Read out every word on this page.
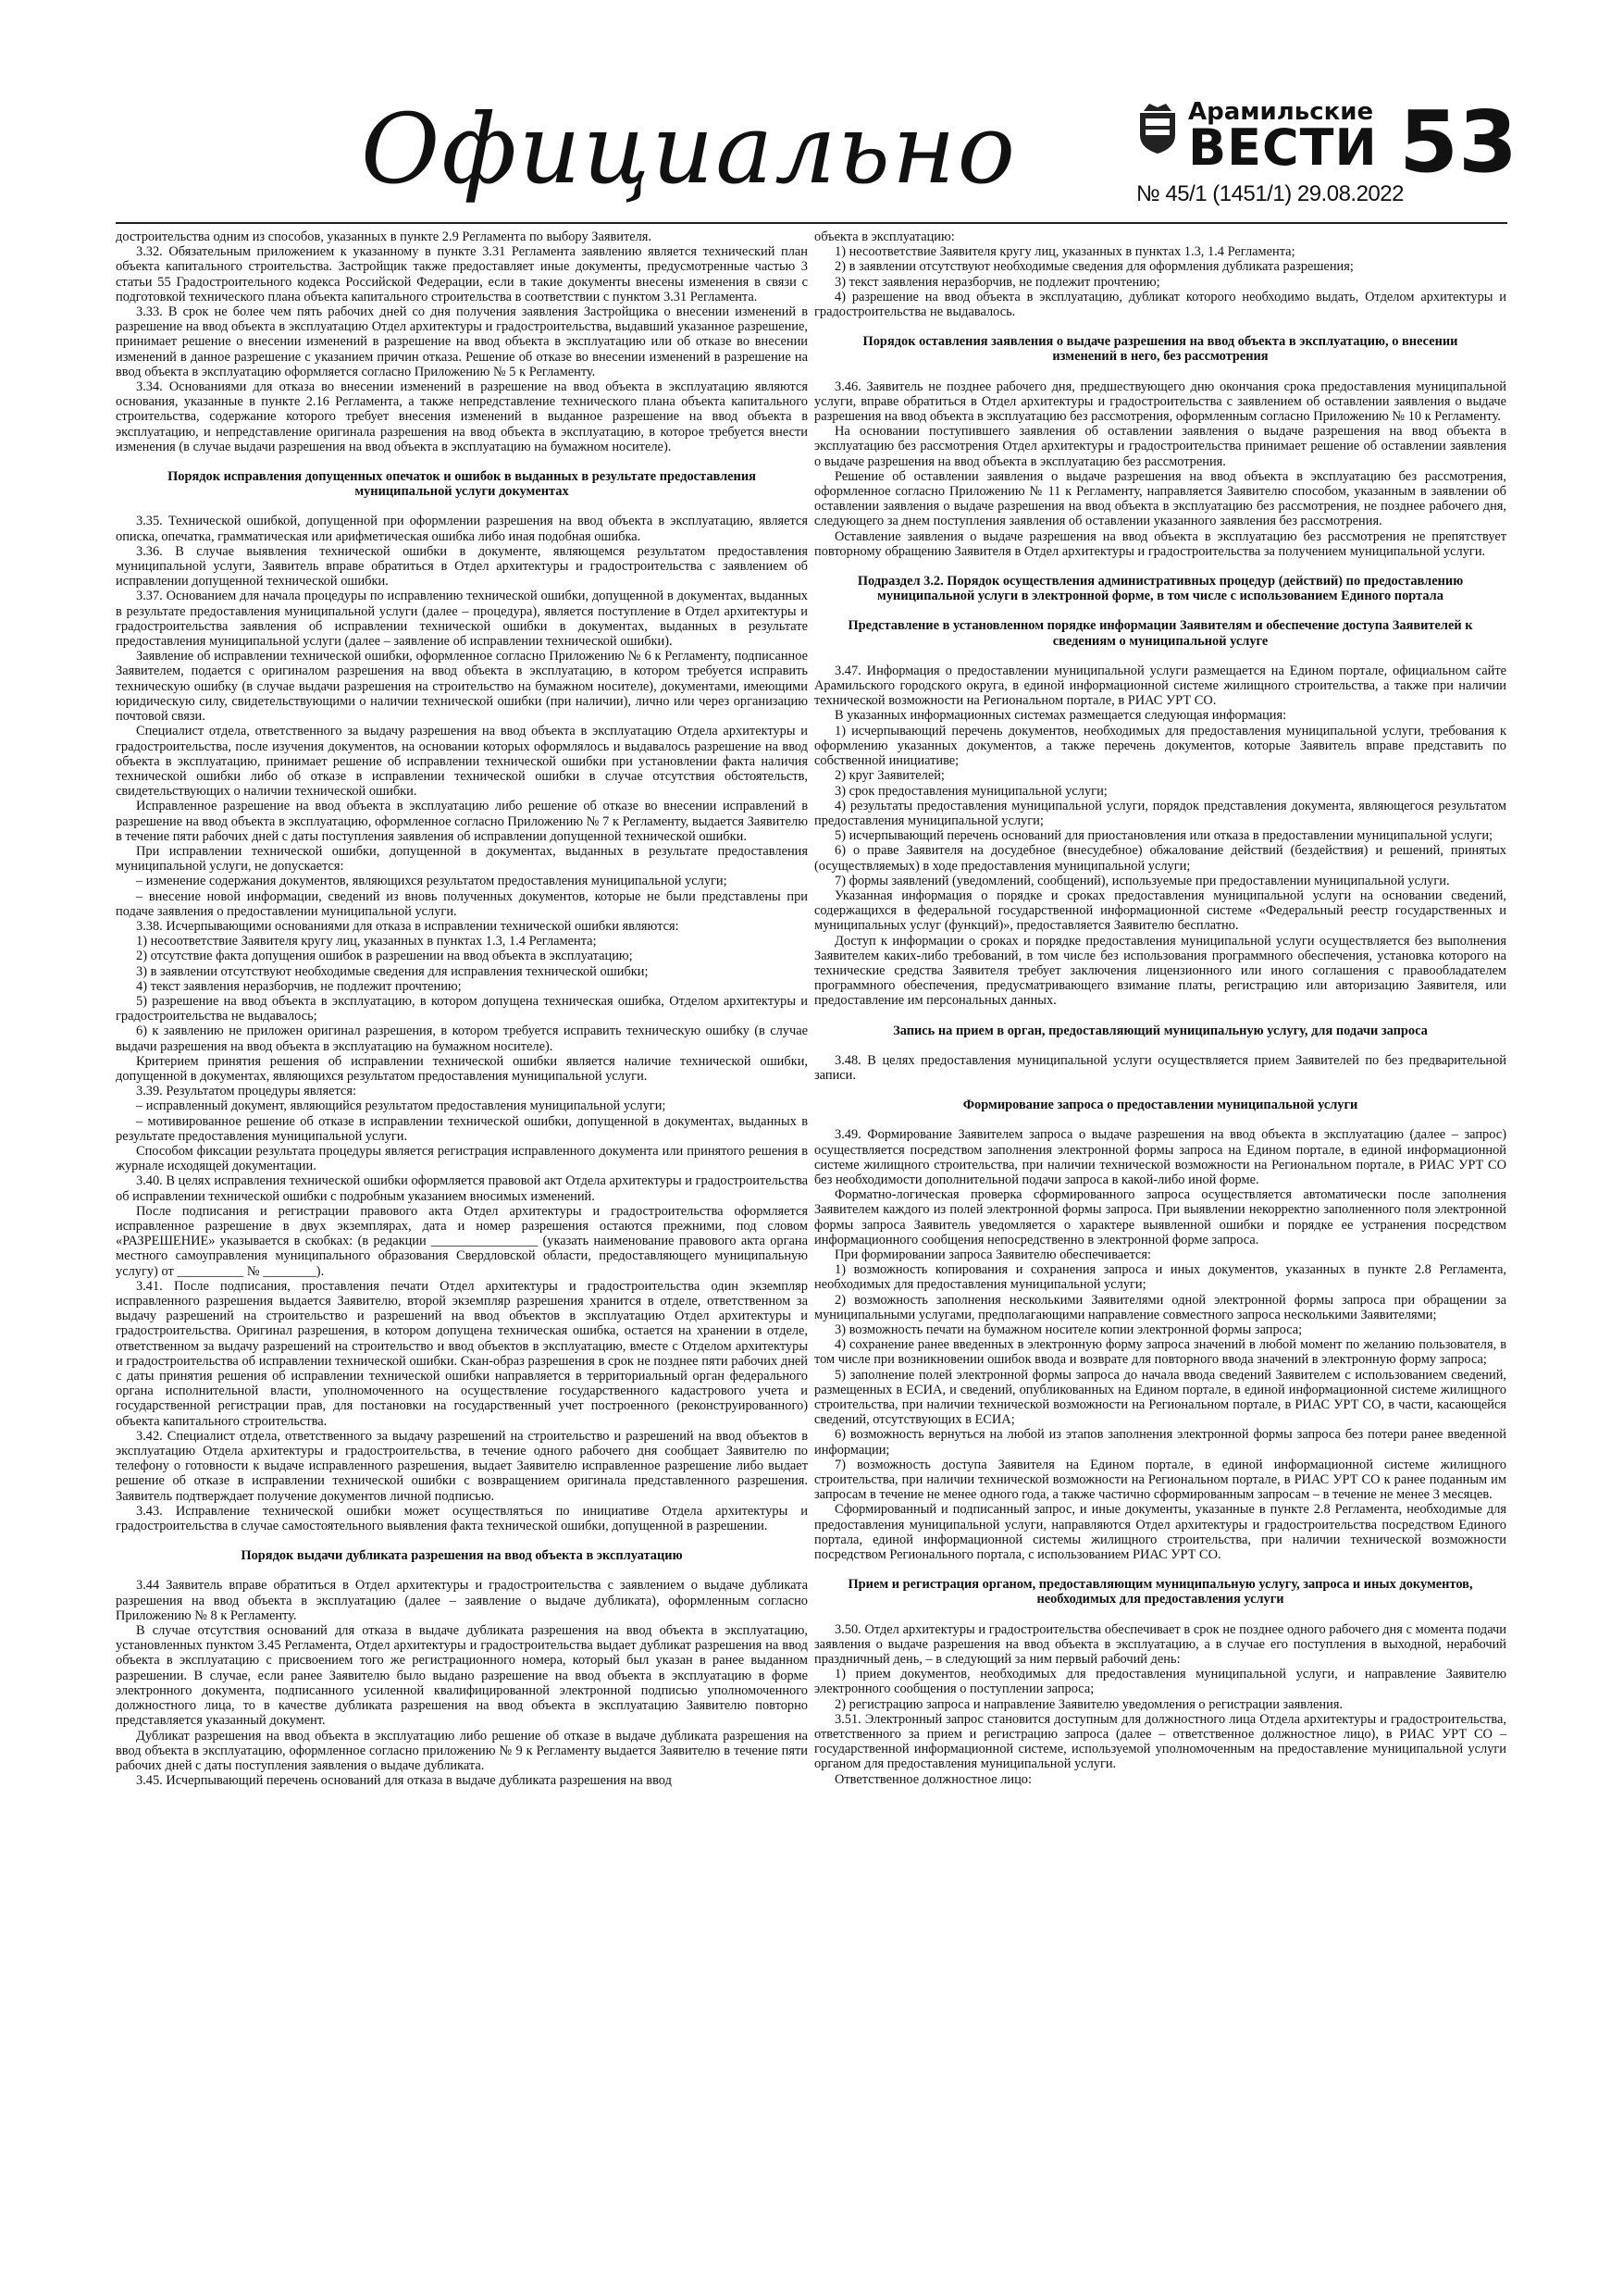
Официально	Арамильские
ВЕСТИ
№ 45/1 (1451/1) 29.08.2022
53

достроительства одним из способов, указанных в пункте 2.9 Регламента по выбору Заявителя.

3.32. Обязательным приложением к указанному в пункте 3.31 Регламента заявлению является технический план объекта капитального строительства. Застройщик также предоставляет иные документы, предусмотренные частью 3 статьи 55 Градостроительного кодекса Российской Федерации, если в такие документы внесены изменения в связи с подготовкой технического плана объекта капитального строительства в соответствии с пунктом 3.31 Регламента.

3.33. В срок не более чем пять рабочих дней со дня получения заявления Застройщика о внесении изменений в разрешение на ввод объекта в эксплуатацию Отдел архитектуры и градостроительства, выдавший указанное разрешение, принимает решение о внесении изменений в разрешение на ввод объекта в эксплуатацию или об отказе во внесении изменений в данное разрешение с указанием причин отказа. Решение об отказе во внесении изменений в разрешение на ввод объекта в эксплуатацию оформляется согласно Приложению № 5 к Регламенту.

3.34. Основаниями для отказа во внесении изменений в разрешение на ввод объекта в эксплуатацию являются основания, указанные в пункте 2.16 Регламента, а также непредставление технического плана объекта капитального строительства, содержание которого требует внесения изменений в выданное разрешение на ввод объекта в эксплуатацию, и непредставление оригинала разрешения на ввод объекта в эксплуатацию, в которое требуется внести изменения (в случае выдачи разрешения на ввод объекта в эксплуатацию на бумажном носителе).

Порядок исправления допущенных опечаток и ошибок в выданных в результате предоставления муниципальной услуги документах

3.35. Технической ошибкой, допущенной при оформлении разрешения на ввод объекта в эксплуатацию, является описка, опечатка, грамматическая или арифметическая ошибка либо иная подобная ошибка.

3.36. В случае выявления технической ошибки в документе, являющемся результатом предоставления муниципальной услуги, Заявитель вправе обратиться в Отдел архитектуры и градостроительства с заявлением об исправлении допущенной технической ошибки.

3.37. Основанием для начала процедуры по исправлению технической ошибки, допущенной в документах, выданных в результате предоставления муниципальной услуги (далее – процедура), является поступление в Отдел архитектуры и градостроительства заявления об исправлении технической ошибки в документах, выданных в результате предоставления муниципальной услуги (далее – заявление об исправлении технической ошибки).

Заявление об исправлении технической ошибки, оформленное согласно Приложению № 6 к Регламенту, подписанное Заявителем, подается с оригиналом разрешения на ввод объекта в эксплуатацию, в котором требуется исправить техническую ошибку (в случае выдачи разрешения на строительство на бумажном носителе), документами, имеющими юридическую силу, свидетельствующими о наличии технической ошибки (при наличии), лично или через организацию почтовой связи.

Специалист отдела, ответственного за выдачу разрешения на ввод объекта в эксплуатацию Отдела архитектуры и градостроительства, после изучения документов, на основании которых оформлялось и выдавалось разрешение на ввод объекта в эксплуатацию, принимает решение об исправлении технической ошибки при установлении факта наличия технической ошибки либо об отказе в исправлении технической ошибки в случае отсутствия обстоятельств, свидетельствующих о наличии технической ошибки.

Исправленное разрешение на ввод объекта в эксплуатацию либо решение об отказе во внесении исправлений в разрешение на ввод объекта в эксплуатацию, оформленное согласно Приложению № 7 к Регламенту, выдается Заявителю в течение пяти рабочих дней с даты поступления заявления об исправлении допущенной технической ошибки.

При исправлении технической ошибки, допущенной в документах, выданных в результате предоставления муниципальной услуги, не допускается:

– изменение содержания документов, являющихся результатом предоставления муниципальной услуги;

– внесение новой информации, сведений из вновь полученных документов, которые не были представлены при подаче заявления о предоставлении муниципальной услуги.

3.38. Исчерпывающими основаниями для отказа в исправлении технической ошибки являются:

1) несоответствие Заявителя кругу лиц, указанных в пунктах 1.3, 1.4 Регламента;

2) отсутствие факта допущения ошибок в разрешении на ввод объекта в эксплуатацию;

3) в заявлении отсутствуют необходимые сведения для исправления технической ошибки;

4) текст заявления неразборчив, не подлежит прочтению;

5) разрешение на ввод объекта в эксплуатацию, в котором допущена техническая ошибка, Отделом архитектуры и градостроительства не выдавалось;

6) к заявлению не приложен оригинал разрешения, в котором требуется исправить техническую ошибку (в случае выдачи разрешения на ввод объекта в эксплуатацию на бумажном носителе).

Критерием принятия решения об исправлении технической ошибки является наличие технической ошибки, допущенной в документах, являющихся результатом предоставления муниципальной услуги.

3.39. Результатом процедуры является:

– исправленный документ, являющийся результатом предоставления муниципальной услуги;

– мотивированное решение об отказе в исправлении технической ошибки, допущенной в документах, выданных в результате предоставления муниципальной услуги.

Способом фиксации результата процедуры является регистрация исправленного документа или принятого решения в журнале исходящей документации.

3.40. В целях исправления технической ошибки оформляется правовой акт Отдела архитектуры и градостроительства об исправлении технической ошибки с подробным указанием вносимых изменений.

После подписания и регистрации правового акта Отдел архитектуры и градостроительства оформляется исправленное разрешение в двух экземплярах, дата и номер разрешения остаются прежними, под словом «РАЗРЕШЕНИЕ» указывается в скобках: (в редакции ________________ (указать наименование правового акта органа местного самоуправления муниципального образования Свердловской области, предоставляющего муниципальную услугу) от __________ № ________).

3.41. После подписания, проставления печати Отдел архитектуры и градостроительства один экземпляр исправленного разрешения выдается Заявителю, второй экземпляр разрешения хранится в отделе, ответственном за выдачу разрешений на строительство и разрешений на ввод объектов в эксплуатацию Отдел архитектуры и градостроительства. Оригинал разрешения, в котором допущена техническая ошибка, остается на хранении в отделе, ответственном за выдачу разрешений на строительство и ввод объектов в эксплуатацию, вместе с Отделом архитектуры и градостроительства об исправлении технической ошибки. Скан-образ разрешения в срок не позднее пяти рабочих дней с даты принятия решения об исправлении технической ошибки направляется в территориальный орган федерального органа исполнительной власти, уполномоченного на осуществление государственного кадастрового учета и государственной регистрации прав, для постановки на государственный учет построенного (реконструированного) объекта капитального строительства.

3.42. Специалист отдела, ответственного за выдачу разрешений на строительство и разрешений на ввод объектов в эксплуатацию Отдела архитектуры и градостроительства, в течение одного рабочего дня сообщает Заявителю по телефону о готовности к выдаче исправленного разрешения, выдает Заявителю исправленное разрешение либо выдает решение об отказе в исправлении технической ошибки с возвращением оригинала представленного разрешения. Заявитель подтверждает получение документов личной подписью.

3.43. Исправление технической ошибки может осуществляться по инициативе Отдела архитектуры и градостроительства в случае самостоятельного выявления факта технической ошибки, допущенной в разрешении.

Порядок выдачи дубликата разрешения на ввод объекта в эксплуатацию

3.44 Заявитель вправе обратиться в Отдел архитектуры и градостроительства с заявлением о выдаче дубликата разрешения на ввод объекта в эксплуатацию (далее – заявление о выдаче дубликата), оформленным согласно Приложению № 8 к Регламенту.

В случае отсутствия оснований для отказа в выдаче дубликата разрешения на ввод объекта в эксплуатацию, установленных пунктом 3.45 Регламента, Отдел архитектуры и градостроительства выдает дубликат разрешения на ввод объекта в эксплуатацию с присвоением того же регистрационного номера, который был указан в ранее выданном разрешении. В случае, если ранее Заявителю было выдано разрешение на ввод объекта в эксплуатацию в форме электронного документа, подписанного усиленной квалифицированной электронной подписью уполномоченного должностного лица, то в качестве дубликата разрешения на ввод объекта в эксплуатацию Заявителю повторно представляется указанный документ.

Дубликат разрешения на ввод объекта в эксплуатацию либо решение об отказе в выдаче дубликата разрешения на ввод объекта в эксплуатацию, оформленное согласно приложению № 9 к Регламенту выдается Заявителю в течение пяти рабочих дней с даты поступления заявления о выдаче дубликата.

3.45. Исчерпывающий перечень оснований для отказа в выдаче дубликата разрешения на ввод

объекта в эксплуатацию:

1) несоответствие Заявителя кругу лиц, указанных в пунктах 1.3, 1.4 Регламента;

2) в заявлении отсутствуют необходимые сведения для оформления дубликата разрешения;

3) текст заявления неразборчив, не подлежит прочтению;

4) разрешение на ввод объекта в эксплуатацию, дубликат которого необходимо выдать, Отделом архитектуры и градостроительства не выдавалось.

Порядок оставления заявления о выдаче разрешения на ввод объекта в эксплуатацию, о внесении изменений в него, без рассмотрения

3.46. Заявитель не позднее рабочего дня, предшествующего дню окончания срока предоставления муниципальной услуги, вправе обратиться в Отдел архитектуры и градостроительства с заявлением об оставлении заявления о выдаче разрешения на ввод объекта в эксплуатацию без рассмотрения, оформленным согласно Приложению № 10 к Регламенту.

На основании поступившего заявления об оставлении заявления о выдаче разрешения на ввод объекта в эксплуатацию без рассмотрения Отдел архитектуры и градостроительства принимает решение об оставлении заявления о выдаче разрешения на ввод объекта в эксплуатацию без рассмотрения.

Решение об оставлении заявления о выдаче разрешения на ввод объекта в эксплуатацию без рассмотрения, оформленное согласно Приложению № 11 к Регламенту, направляется Заявителю способом, указанным в заявлении об оставлении заявления о выдаче разрешения на ввод объекта в эксплуатацию без рассмотрения, не позднее рабочего дня, следующего за днем поступления заявления об оставлении указанного заявления без рассмотрения.

Оставление заявления о выдаче разрешения на ввод объекта в эксплуатацию без рассмотрения не препятствует повторному обращению Заявителя в Отдел архитектуры и градостроительства за получением муниципальной услуги.

Подраздел 3.2. Порядок осуществления административных процедур (действий) по предоставлению муниципальной услуги в электронной форме, в том числе с использованием Единого портала
Представление в установленном порядке информации Заявителям и обеспечение доступа Заявителей к сведениям о муниципальной услуге

3.47. Информация о предоставлении муниципальной услуги размещается на Едином портале, официальном сайте Арамильского городского округа, в единой информационной системе жилищного строительства, а также при наличии технической возможности на Региональном портале, в РИАС УРТ СО.

В указанных информационных системах размещается следующая информация:

1) исчерпывающий перечень документов, необходимых для предоставления муниципальной услуги, требования к оформлению указанных документов, а также перечень документов, которые Заявитель вправе представить по собственной инициативе;

2) круг Заявителей;

3) срок предоставления муниципальной услуги;

4) результаты предоставления муниципальной услуги, порядок представления документа, являющегося результатом предоставления муниципальной услуги;

5) исчерпывающий перечень оснований для приостановления или отказа в предоставлении муниципальной услуги;

6) о праве Заявителя на досудебное (внесудебное) обжалование действий (бездействия) и решений, принятых (осуществляемых) в ходе предоставления муниципальной услуги;

7) формы заявлений (уведомлений, сообщений), используемые при предоставлении муниципальной услуги.

Указанная информация о порядке и сроках предоставления муниципальной услуги на основании сведений, содержащихся в федеральной государственной информационной системе «Федеральный реестр государственных и муниципальных услуг (функций)», предоставляется Заявителю бесплатно.

Доступ к информации о сроках и порядке предоставления муниципальной услуги осуществляется без выполнения Заявителем каких-либо требований, в том числе без использования программного обеспечения, установка которого на технические средства Заявителя требует заключения лицензионного или иного соглашения с правообладателем программного обеспечения, предусматривающего взимание платы, регистрацию или авторизацию Заявителя, или предоставление им персональных данных.

Запись на прием в орган, предоставляющий муниципальную услугу, для подачи запроса

3.48. В целях предоставления муниципальной услуги осуществляется прием Заявителей по без предварительной записи.

Формирование запроса о предоставлении муниципальной услуги

3.49. Формирование Заявителем запроса о выдаче разрешения на ввод объекта в эксплуатацию (далее – запрос) осуществляется посредством заполнения электронной формы запроса на Едином портале, в единой информационной системе жилищного строительства, при наличии технической возможности на Региональном портале, в РИАС УРТ СО без необходимости дополнительной подачи запроса в какой-либо иной форме.

Форматно-логическая проверка сформированного запроса осуществляется автоматически после заполнения Заявителем каждого из полей электронной формы запроса. При выявлении некорректно заполненного поля электронной формы запроса Заявитель уведомляется о характере выявленной ошибки и порядке ее устранения посредством информационного сообщения непосредственно в электронной форме запроса.

При формировании запроса Заявителю обеспечивается:

1) возможность копирования и сохранения запроса и иных документов, указанных в пункте 2.8 Регламента, необходимых для предоставления муниципальной услуги;

2) возможность заполнения несколькими Заявителями одной электронной формы запроса при обращении за муниципальными услугами, предполагающими направление совместного запроса несколькими Заявителями;

3) возможность печати на бумажном носителе копии электронной формы запроса;

4) сохранение ранее введенных в электронную форму запроса значений в любой момент по желанию пользователя, в том числе при возникновении ошибок ввода и возврате для повторного ввода значений в электронную форму запроса;

5) заполнение полей электронной формы запроса до начала ввода сведений Заявителем с использованием сведений, размещенных в ЕСИА, и сведений, опубликованных на Едином портале, в единой информационной системе жилищного строительства, при наличии технической возможности на Региональном портале, в РИАС УРТ СО, в части, касающейся сведений, отсутствующих в ЕСИА;

6) возможность вернуться на любой из этапов заполнения электронной формы запроса без потери ранее введенной информации;

7) возможность доступа Заявителя на Едином портале, в единой информационной системе жилищного строительства, при наличии технической возможности на Региональном портале, в РИАС УРТ СО к ранее поданным им запросам в течение не менее одного года, а также частично сформированным запросам – в течение не менее 3 месяцев.

Сформированный и подписанный запрос, и иные документы, указанные в пункте 2.8 Регламента, необходимые для предоставления муниципальной услуги, направляются Отдел архитектуры и градостроительства посредством Единого портала, единой информационной системы жилищного строительства, при наличии технической возможности посредством Регионального портала, с использованием РИАС УРТ СО.

Прием и регистрация органом, предоставляющим муниципальную услугу, запроса и иных документов, необходимых для предоставления услуги

3.50. Отдел архитектуры и градостроительства обеспечивает в срок не позднее одного рабочего дня с момента подачи заявления о выдаче разрешения на ввод объекта в эксплуатацию, а в случае его поступления в выходной, нерабочий праздничный день, – в следующий за ним первый рабочий день:

1) прием документов, необходимых для предоставления муниципальной услуги, и направление Заявителю электронного сообщения о поступлении запроса;

2) регистрацию запроса и направление Заявителю уведомления о регистрации заявления.

3.51. Электронный запрос становится доступным для должностного лица Отдела архитектуры и градостроительства, ответственного за прием и регистрацию запроса (далее – ответственное должностное лицо), в РИАС УРТ СО – государственной информационной системе, используемой уполномоченным на предоставление муниципальной услуги органом для предоставления муниципальной услуги.

Ответственное должностное лицо:
